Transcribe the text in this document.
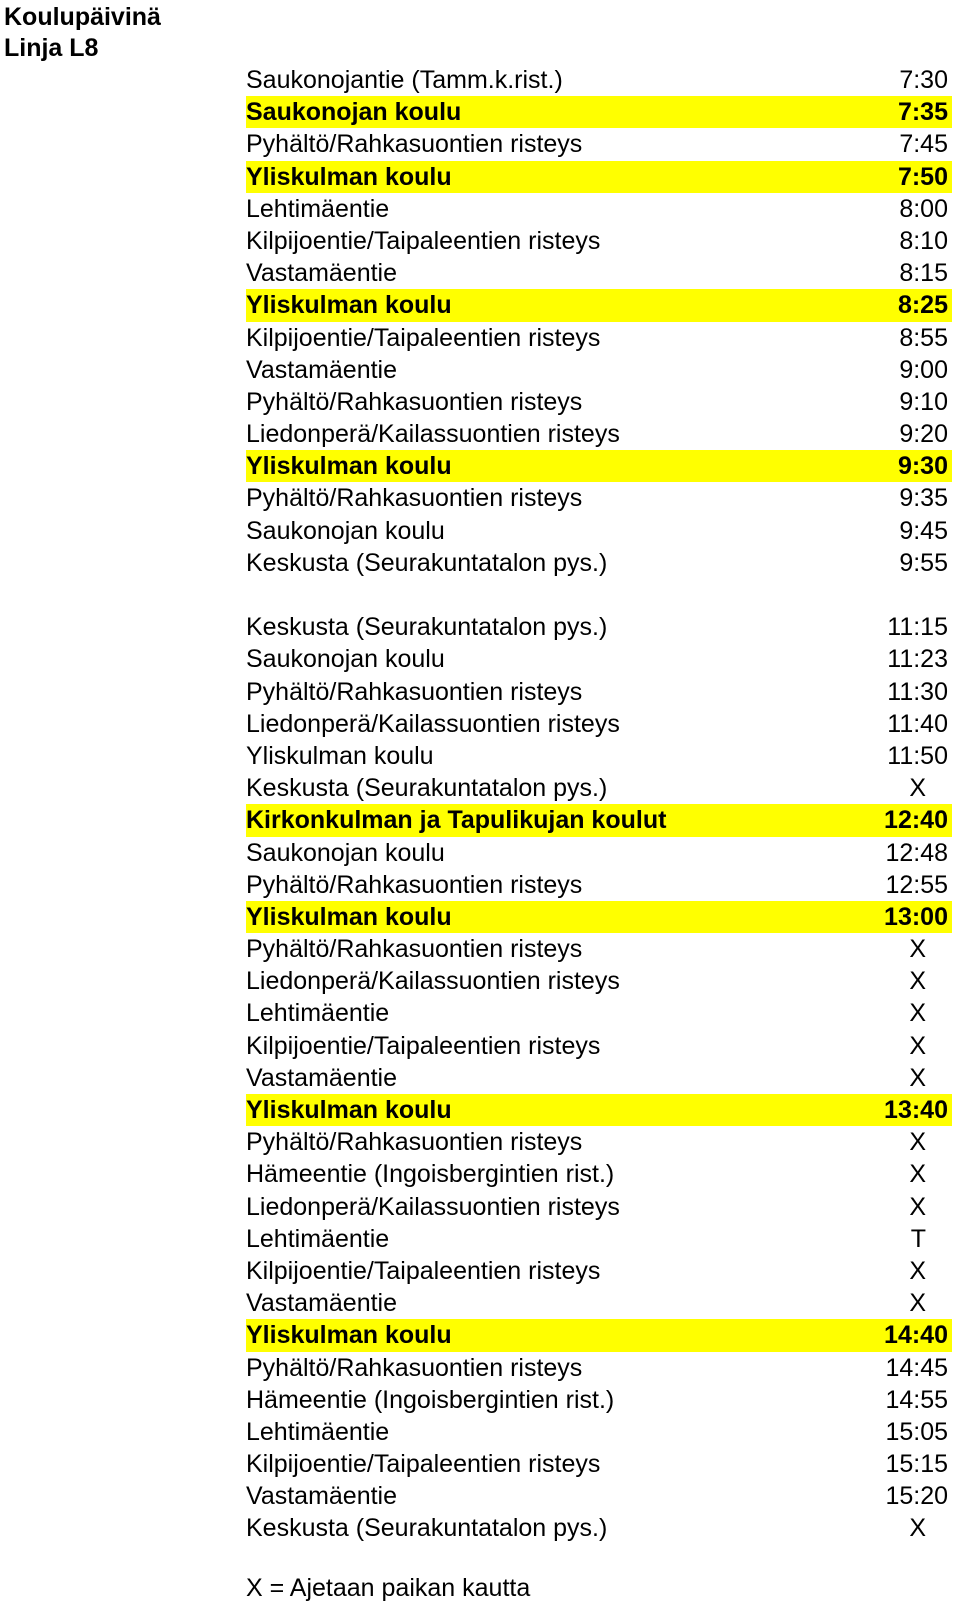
Koulupäivinä
Linja L8
Saukonojantie (Tamm.k.rist.)	7:30
Saukonojan koulu	7:35
Pyhältö/Rahkasuontien risteys	7:45
Yliskulman koulu	7:50
Lehtimäentie	8:00
Kilpijoentie/Taipaleentien risteys	8:10
Vastamäentie	8:15
Yliskulman koulu	8:25
Kilpijoentie/Taipaleentien risteys	8:55
Vastamäentie	9:00
Pyhältö/Rahkasuontien risteys	9:10
Liedonperä/Kailassuontien risteys	9:20
Yliskulman koulu	9:30
Pyhältö/Rahkasuontien risteys	9:35
Saukonojan koulu	9:45
Keskusta (Seurakuntatalon pys.)	9:55
Keskusta (Seurakuntatalon pys.)	11:15
Saukonojan koulu	11:23
Pyhältö/Rahkasuontien risteys	11:30
Liedonperä/Kailassuontien risteys	11:40
Yliskulman koulu	11:50
Keskusta (Seurakuntatalon pys.)	X
Kirkonkulman ja Tapulikujan koulut	12:40
Saukonojan koulu	12:48
Pyhältö/Rahkasuontien risteys	12:55
Yliskulman koulu	13:00
Pyhältö/Rahkasuontien risteys	X
Liedonperä/Kailassuontien risteys	X
Lehtimäentie	X
Kilpijoentie/Taipaleentien risteys	X
Vastamäentie	X
Yliskulman koulu	13:40
Pyhältö/Rahkasuontien risteys	X
Hämeentie (Ingoisbergintien rist.)	X
Liedonperä/Kailassuontien risteys	X
Lehtimäentie	T
Kilpijoentie/Taipaleentien risteys	X
Vastamäentie	X
Yliskulman koulu	14:40
Pyhältö/Rahkasuontien risteys	14:45
Hämeentie (Ingoisbergintien rist.)	14:55
Lehtimäentie	15:05
Kilpijoentie/Taipaleentien risteys	15:15
Vastamäentie	15:20
Keskusta (Seurakuntatalon pys.)	X
X = Ajetaan paikan kautta
